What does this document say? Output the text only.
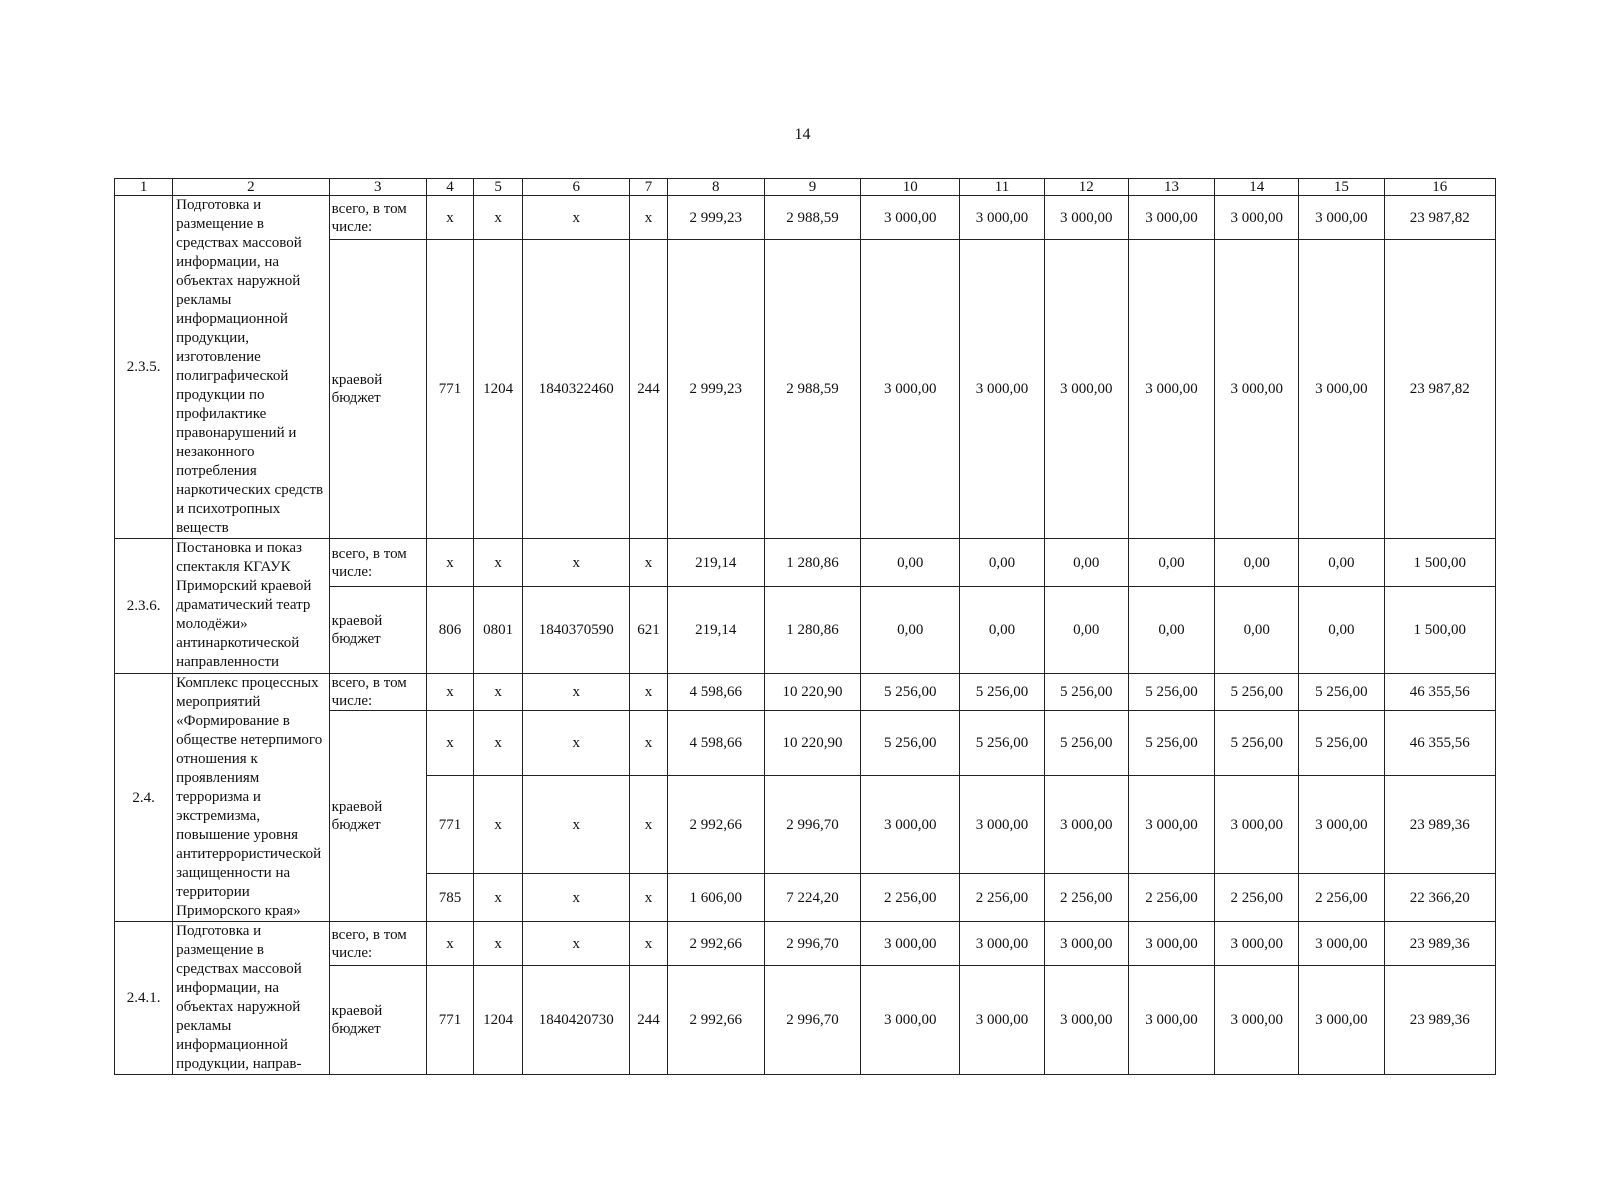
14
1	2	3	4	5	6	7	8	9	10	11	12	13	14	15	16
2.3.5.	Подготовка и размещение в средствах массовой информации, на объектах наружной рекламы информационной продукции, изготовление полиграфической продукции по профилактике правонарушений и незаконного потребления наркотических средств и психотропных веществ	всего, в том числе:	х	х	х	х	2 999,23	2 988,59	3 000,00	3 000,00	3 000,00	3 000,00	3 000,00	3 000,00	23 987,82
		краевой бюджет	771	1204	1840322460	244	2 999,23	2 988,59	3 000,00	3 000,00	3 000,00	3 000,00	3 000,00	3 000,00	23 987,82
2.3.6.	Постановка и показ спектакля КГАУК Приморский краевой драматический театр молодёжи» антинаркотической направленности	всего, в том числе:	х	х	х	х	219,14	1 280,86	0,00	0,00	0,00	0,00	0,00	0,00	1 500,00
		краевой бюджет	806	0801	1840370590	621	219,14	1 280,86	0,00	0,00	0,00	0,00	0,00	0,00	1 500,00
2.4.	Комплекс процессных мероприятий «Формирование в обществе нетерпимого отношения к проявлениям терроризма и экстремизма, повышение уровня антитеррористической защищенности на территории Приморского края»	всего, в том числе:	х	х	х	х	4 598,66	10 220,90	5 256,00	5 256,00	5 256,00	5 256,00	5 256,00	5 256,00	46 355,56
		краевой бюджет	х	х	х	х	4 598,66	10 220,90	5 256,00	5 256,00	5 256,00	5 256,00	5 256,00	5 256,00	46 355,56
			771	х	х	х	2 992,66	2 996,70	3 000,00	3 000,00	3 000,00	3 000,00	3 000,00	3 000,00	23 989,36
			785	х	х	х	1 606,00	7 224,20	2 256,00	2 256,00	2 256,00	2 256,00	2 256,00	2 256,00	22 366,20
2.4.1.	Подготовка и размещение в средствах массовой информации, на объектах наружной рекламы информационной продукции, направ-	всего, в том числе:	х	х	х	х	2 992,66	2 996,70	3 000,00	3 000,00	3 000,00	3 000,00	3 000,00	3 000,00	23 989,36
		краевой бюджет	771	1204	1840420730	244	2 992,66	2 996,70	3 000,00	3 000,00	3 000,00	3 000,00	3 000,00	3 000,00	23 989,36
